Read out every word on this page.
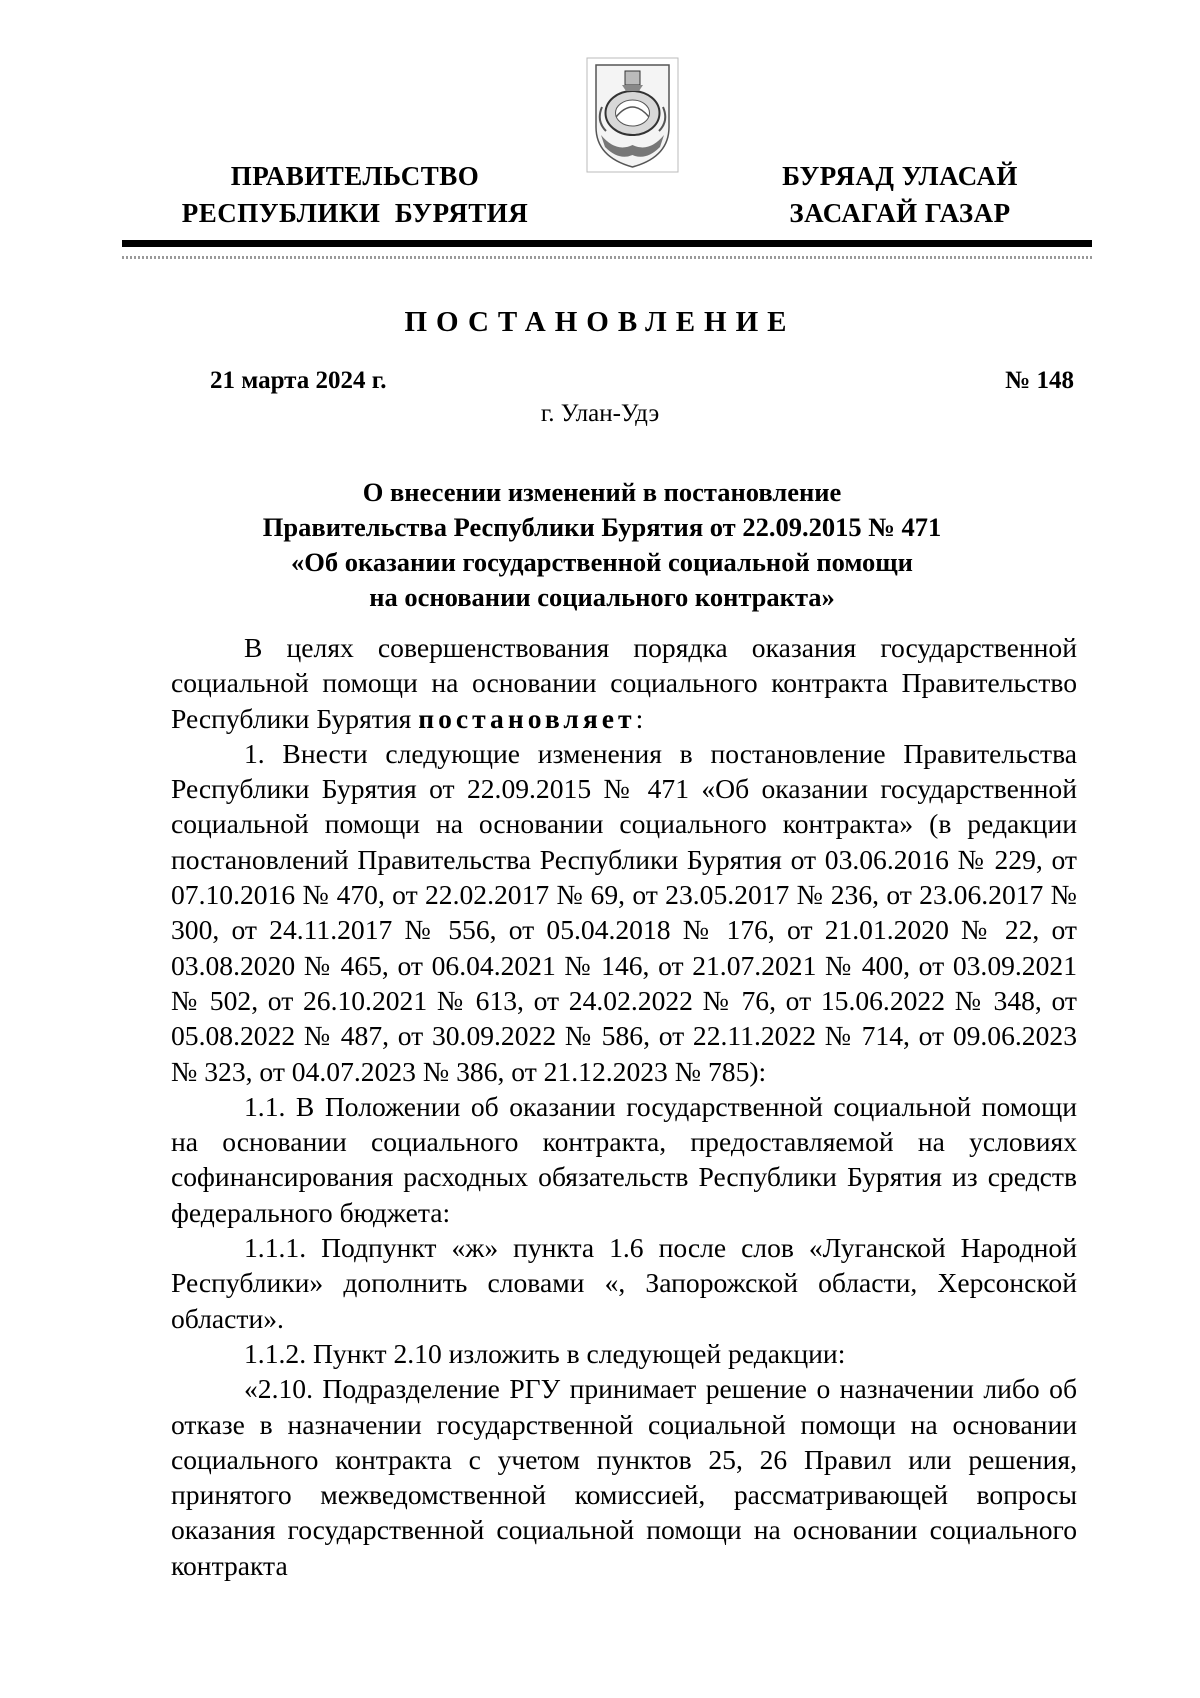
ПРАВИТЕЛЬСТВО
РЕСПУБЛИКИ  БУРЯТИЯ
БУРЯАД УЛАСАЙ
ЗАСАГАЙ ГАЗАР
ПОСТАНОВЛЕНИЕ
21 марта 2024 г.	№ 148
г. Улан-Удэ
О внесении изменений в постановление
Правительства Республики Бурятия от 22.09.2015 № 471
«Об оказании государственной социальной помощи
на основании социального контракта»

В целях совершенствования порядка оказания государственной социальной помощи на основании социального контракта Правительство Республики Бурятия постановляет:

1. Внести следующие изменения в постановление Правительства Республики Бурятия от 22.09.2015 № 471 «Об оказании государственной социальной помощи на основании социального контракта» (в редакции постановлений Правительства Республики Бурятия от 03.06.2016 № 229, от 07.10.2016 № 470, от 22.02.2017 № 69, от 23.05.2017 № 236, от 23.06.2017 № 300, от 24.11.2017 № 556, от 05.04.2018 № 176, от 21.01.2020 № 22, от 03.08.2020 № 465, от 06.04.2021 № 146, от 21.07.2021 № 400, от 03.09.2021 № 502, от 26.10.2021 № 613, от 24.02.2022 № 76, от 15.06.2022 № 348, от 05.08.2022 № 487, от 30.09.2022 № 586, от 22.11.2022 № 714, от 09.06.2023 № 323, от 04.07.2023 № 386, от 21.12.2023 № 785):

1.1. В Положении об оказании государственной социальной помощи на основании социального контракта, предоставляемой на условиях софинансирования расходных обязательств Республики Бурятия из средств федерального бюджета:

1.1.1. Подпункт «ж» пункта 1.6 после слов «Луганской Народной Республики» дополнить словами «, Запорожской области, Херсонской области».

1.1.2. Пункт 2.10 изложить в следующей редакции:

«2.10. Подразделение РГУ принимает решение о назначении либо об отказе в назначении государственной социальной помощи на основании социального контракта с учетом пунктов 25, 26 Правил или решения, принятого межведомственной комиссией, рассматривающей вопросы оказания государственной социальной помощи на основании социального контракта
